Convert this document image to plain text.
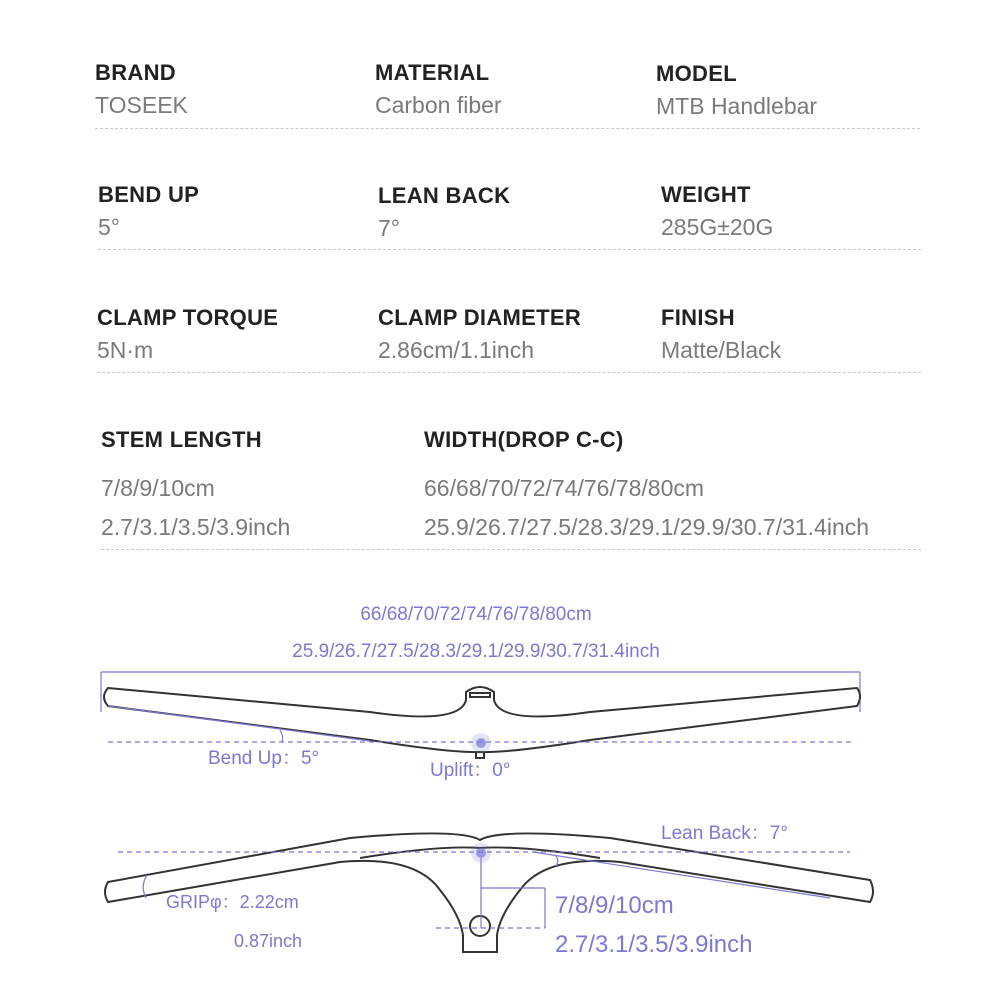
BRAND
TOSEEK
MATERIAL
Carbon fiber
MODEL
MTB Handlebar
BEND UP
5°
LEAN BACK
7°
WEIGHT
285G±20G
CLAMP TORQUE
5N·m
CLAMP DIAMETER
2.86cm/1.1inch
FINISH
Matte/Black
STEM LENGTH
7/8/9/10cm
2.7/3.1/3.5/3.9inch
WIDTH(DROP C-C)
66/68/70/72/74/76/78/80cm
25.9/26.7/27.5/28.3/29.1/29.9/30.7/31.4inch
66/68/70/72/74/76/78/80cm
25.9/26.7/27.5/28.3/29.1/29.9/30.7/31.4inch
Bend Up：5°
Uplift：0°
Lean Back：7°
GRIPφ：2.22cm
0.87inch
7/8/9/10cm
2.7/3.1/3.5/3.9inch
